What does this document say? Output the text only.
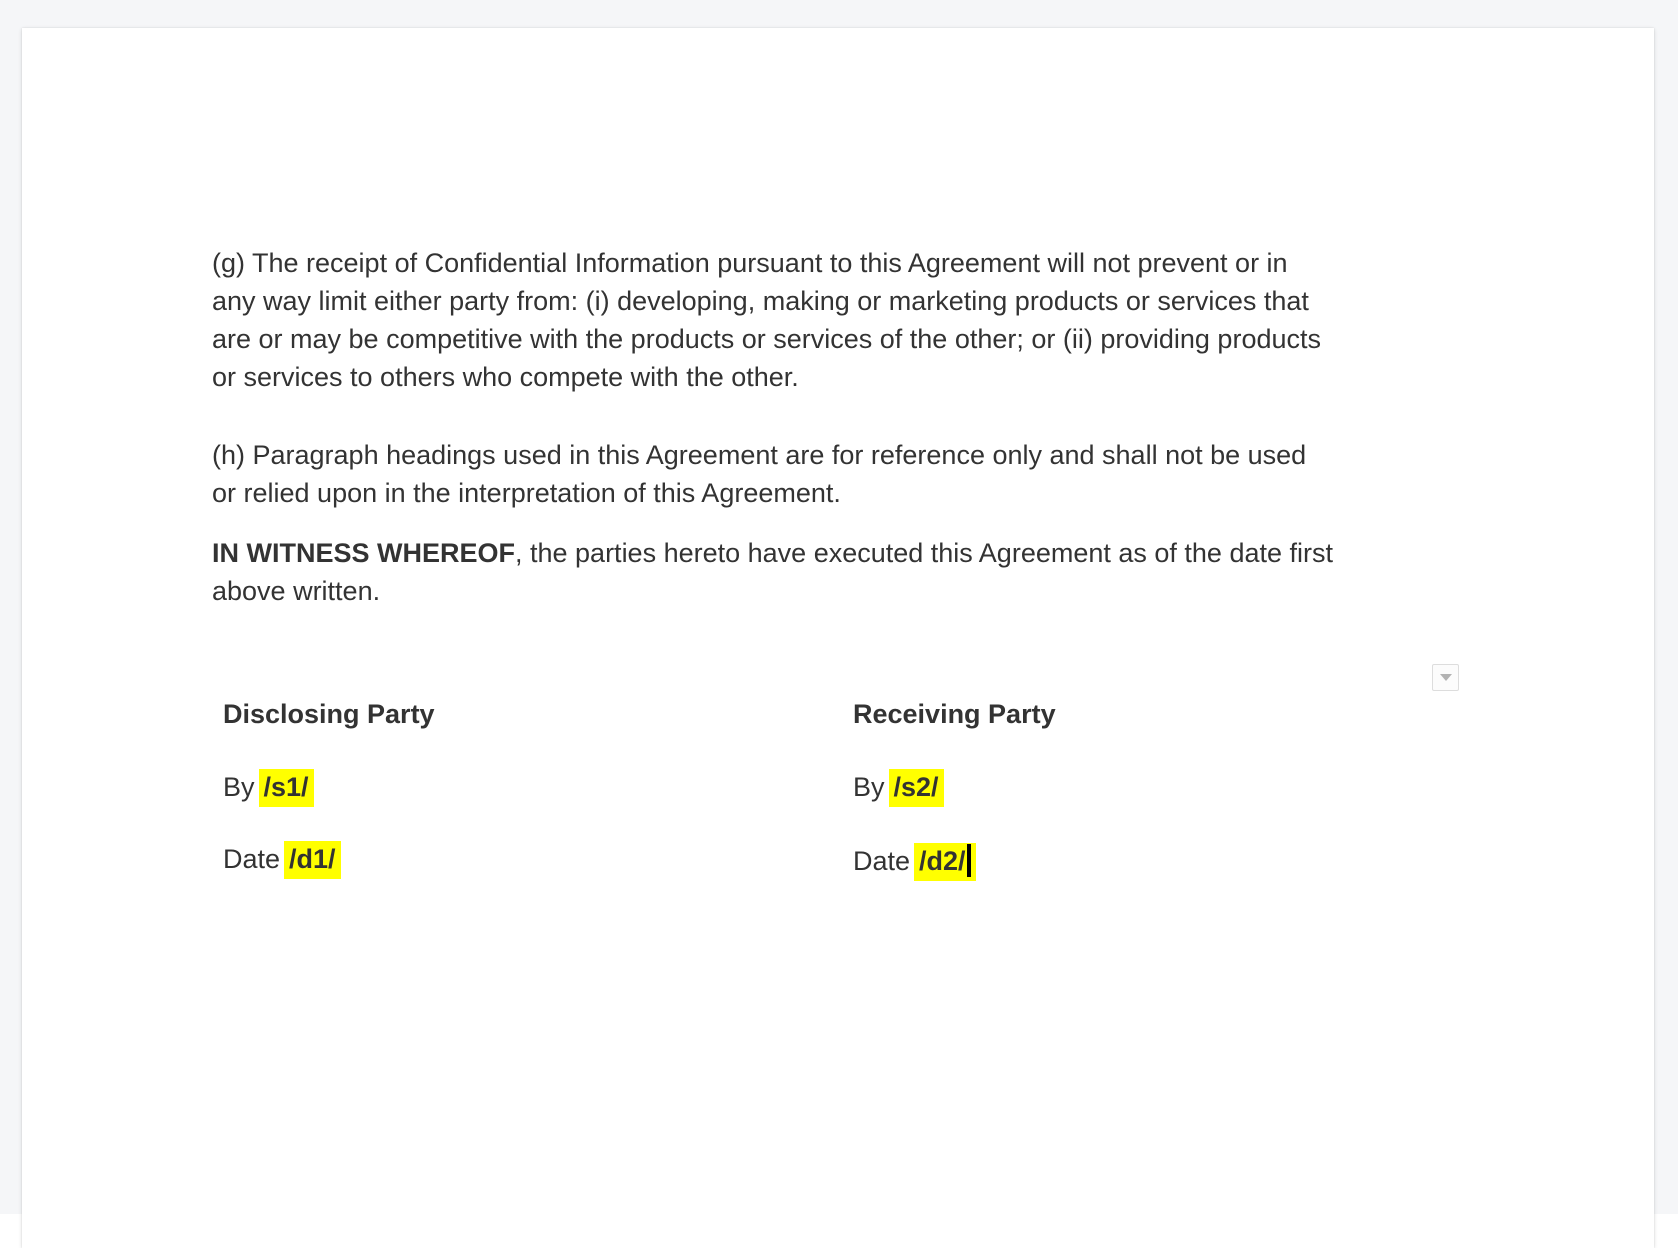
(g) The receipt of Confidential Information pursuant to this Agreement will not prevent or in
any way limit either party from: (i) developing, making or marketing products or services that
are or may be competitive with the products or services of the other; or (ii) providing products
or services to others who compete with the other.
(h) Paragraph headings used in this Agreement are for reference only and shall not be used
or relied upon in the interpretation of this Agreement.
IN WITNESS WHEREOF, the parties hereto have executed this Agreement as of the date first
above written.
Disclosing Party
By /s1/
Date /d1/
Receiving Party
By /s2/
Date /d2/
